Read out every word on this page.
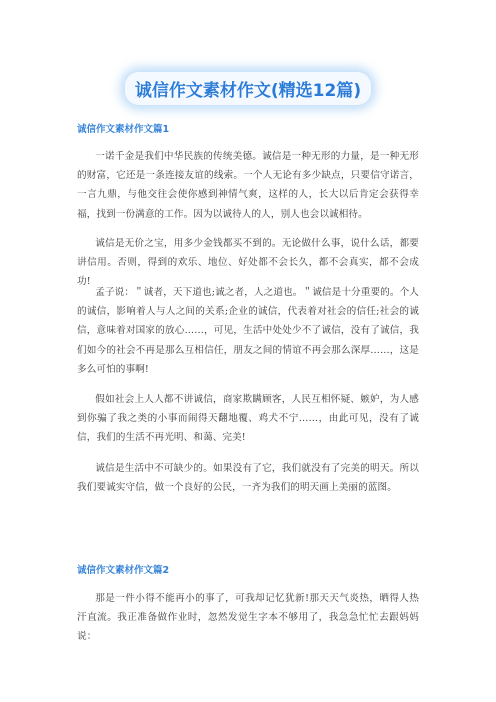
诚信作文素材作文(精选12篇)
诚信作文素材作文篇1

一诺千金是我们中华民族的传统美德。诚信是一种无形的力量，是一种无形的财富，它还是一条连接友谊的线索。一个人无论有多少缺点，只要信守诺言，一言九鼎，与他交往会使你感到神情气爽，这样的人，长大以后肯定会获得幸福，找到一份满意的工作。因为以诚待人的人，别人也会以诚相待。

诚信是无价之宝，用多少金钱都买不到的。无论做什么事，说什么话，都要讲信用。否则，得到的欢乐、地位、好处都不会长久，都不会真实，都不会成功!

孟子说：＂诚者，天下道也;诚之者，人之道也。＂诚信是十分重要的。个人的诚信，影响着人与人之间的关系;企业的诚信，代表着对社会的信任;社会的诚信，意味着对国家的放心……，可见，生活中处处少不了诚信，没有了诚信，我们如今的社会不再是那么互相信任，朋友之间的情谊不再会那么深厚……，这是多么可怕的事啊!

假如社会上人人都不讲诚信，商家欺瞒顾客，人民互相怀疑、嫉妒，为人感到你骗了我之类的小事而闹得天翻地覆、鸡犬不宁……，由此可见，没有了诚信，我们的生活不再光明、和蔼、完美!

诚信是生活中不可缺少的。如果没有了它，我们就没有了完美的明天。所以我们要诚实守信，做一个良好的公民，一齐为我们的明天画上美丽的蓝图。

诚信作文素材作文篇2

那是一件小得不能再小的事了，可我却记忆犹新!那天天气炎热，晒得人热汗直流。我正准备做作业时，忽然发觉生字本不够用了，我急急忙忙去跟妈妈说：
